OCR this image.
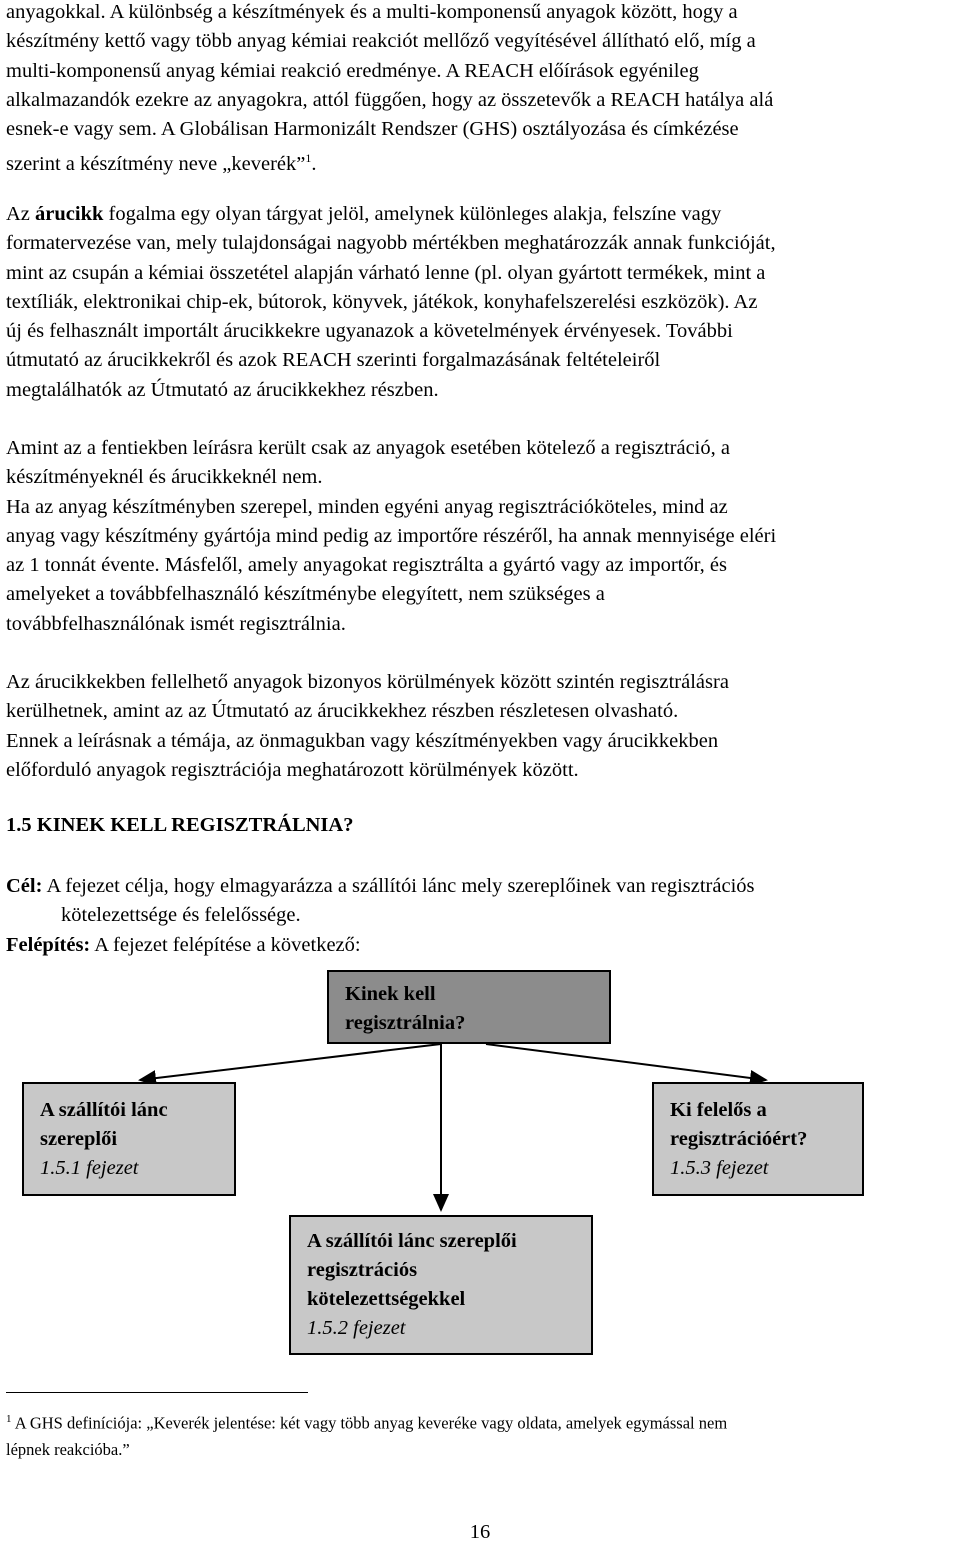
anyagokkal. A különbség a készítmények és a multi-komponensű anyagok között, hogy a
készítmény kettő vagy több anyag kémiai reakciót mellőző vegyítésével állítható elő, míg a
multi-komponensű anyag kémiai reakció eredménye. A REACH előírások egyénileg
alkalmazandók ezekre az anyagokra, attól függően, hogy az összetevők a REACH hatálya alá
esnek-e vagy sem. A Globálisan Harmonizált Rendszer (GHS) osztályozása és címkézése
szerint a készítmény neve „keverék”$^1$.
Az árucikk fogalma egy olyan tárgyat jelöl, amelynek különleges alakja, felszíne vagy
formatervezése van, mely tulajdonságai nagyobb mértékben meghatározzák annak funkcióját,
mint az csupán a kémiai összetétel alapján várható lenne (pl. olyan gyártott termékek, mint a
textíliák, elektronikai chip-ek, bútorok, könyvek, játékok, konyhafelszerelési eszközök). Az
új és felhasznált importált árucikkekre ugyanazok a követelmények érvényesek. További
útmutató az árucikkekről és azok REACH szerinti forgalmazásának feltételeiről
megtalálhatók az Útmutató az árucikkekhez részben.
Amint az a fentiekben leírásra került csak az anyagok esetében kötelező a regisztráció, a
készítményeknél és árucikkeknél nem.
Ha az anyag készítményben szerepel, minden egyéni anyag regisztrációköteles, mind az
anyag vagy készítmény gyártója mind pedig az importőre részéről, ha annak mennyisége eléri
az 1 tonnát évente. Másfelől, amely anyagokat regisztrálta a gyártó vagy az importőr, és
amelyeket a továbbfelhasználó készítménybe elegyített, nem szükséges a
továbbfelhasználónak ismét regisztrálnia.
Az árucikkekben fellelhető anyagok bizonyos körülmények között szintén regisztrálásra
kerülhetnek, amint az az Útmutató az árucikkekhez részben részletesen olvasható.
Ennek a leírásnak a témája, az önmagukban vagy készítményekben vagy árucikkekben
előforduló anyagok regisztrációja meghatározott körülmények között.
1.5 KINEK KELL REGISZTRÁLNIA?
Cél: A fejezet célja, hogy elmagyarázza a szállítói lánc mely szereplőinek van regisztrációs
kötelezettsége és felelőssége.
Felépítés: A fejezet felépítése a következő:
Kinek kell
regisztrálnia?
A szállítói lánc
szereplői
1.5.1 fejezet
Ki felelős a
regisztrációért?
1.5.3 fejezet
A szállítói lánc szereplői
regisztrációs
kötelezettségekkel
1.5.2 fejezet
$^1$ A GHS definíciója: „Keverék jelentése: két vagy több anyag keveréke vagy oldata, amelyek egymással nem
lépnek reakcióba.”
16
